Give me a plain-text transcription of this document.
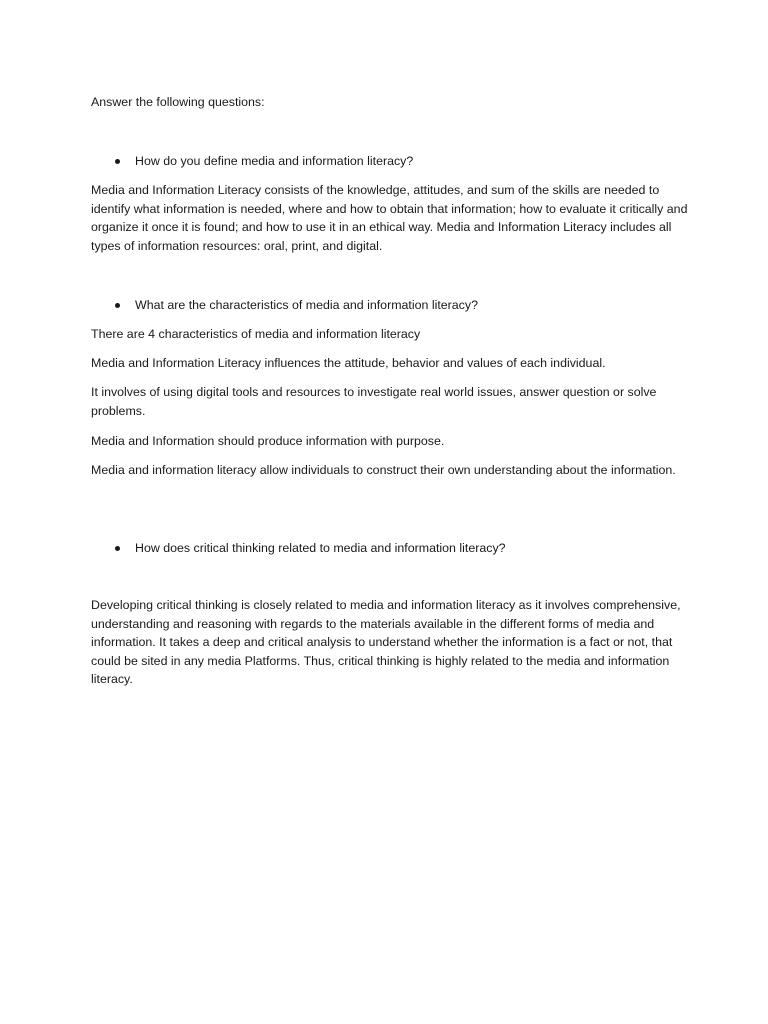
Answer the following questions:

How do you define media and information literacy?

Media and Information Literacy consists of the knowledge, attitudes, and sum of the skills are needed to identify what information is needed, where and how to obtain that information; how to evaluate it critically and organize it once it is found; and how to use it in an ethical way. Media and Information Literacy includes all types of information resources: oral, print, and digital.

What are the characteristics of media and information literacy?

There are 4 characteristics of media and information literacy

Media and Information Literacy influences the attitude, behavior and values of each individual.

It involves of using digital tools and resources to investigate real world issues, answer question or solve problems.

Media and Information should produce information with purpose.

Media and information literacy allow individuals to construct their own understanding about the information.

How does critical thinking related to media and information literacy?

Developing critical thinking is closely related to media and information literacy as it involves comprehensive, understanding and reasoning with regards to the materials available in the different forms of media and information. It takes a deep and critical analysis to understand whether the information is a fact or not, that could be sited in any media Platforms. Thus, critical thinking is highly related to the media and information literacy.
